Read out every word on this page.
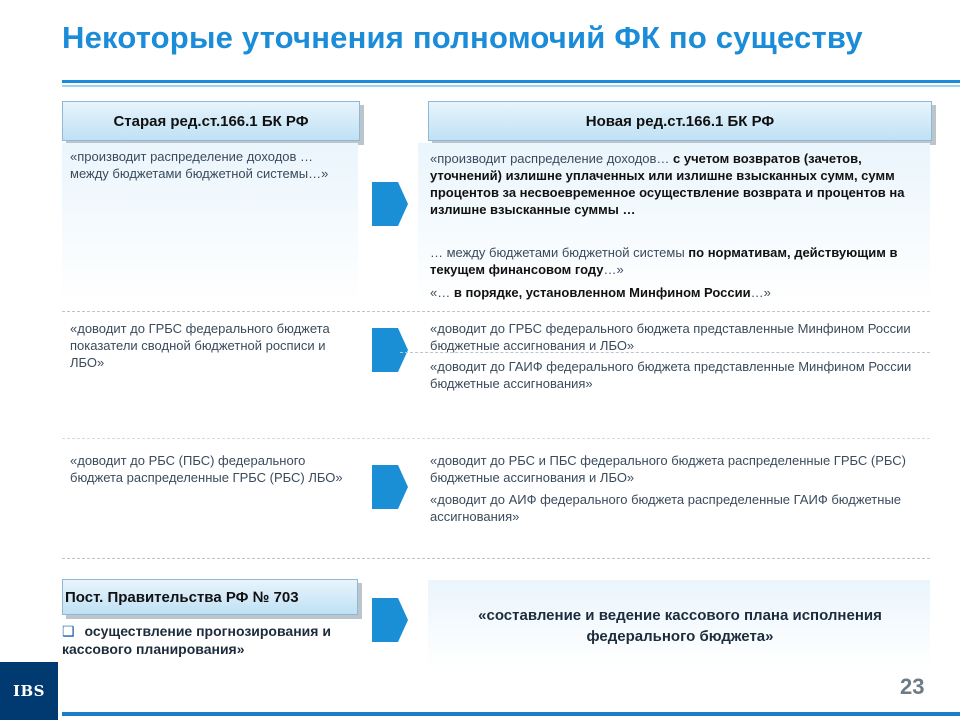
Некоторые уточнения полномочий ФК по существу
Старая ред.ст.166.1 БК РФ	Новая ред.ст.166.1 БК РФ
«производит распределение доходов … между бюджетами бюджетной системы…»
«производит распределение доходов… с учетом возвратов (зачетов, уточнений) излишне уплаченных или излишне взысканных сумм, сумм процентов за несвоевременное осуществление возврата и процентов на излишне взысканные суммы …
… между бюджетами бюджетной системы по нормативам, действующим в текущем финансовом году…»
«… в порядке, установленном Минфином России…»
«доводит до ГРБС федерального бюджета показатели сводной бюджетной росписи и ЛБО»
«доводит до ГРБС федерального бюджета представленные Минфином России бюджетные ассигнования и ЛБО»
«доводит до ГАИФ федерального бюджета представленные Минфином России бюджетные ассигнования»
«доводит до РБС (ПБС) федерального бюджета распределенные ГРБС (РБС) ЛБО»
«доводит до РБС и ПБС федерального бюджета распределенные ГРБС (РБС) бюджетные ассигнования и ЛБО»
«доводит до АИФ федерального бюджета распределенные ГАИФ бюджетные ассигнования»
Пост. Правительства РФ № 703
❑ осуществление прогнозирования и кассового планирования»
«составление и ведение кассового плана исполнения федерального бюджета»
IBS	23
